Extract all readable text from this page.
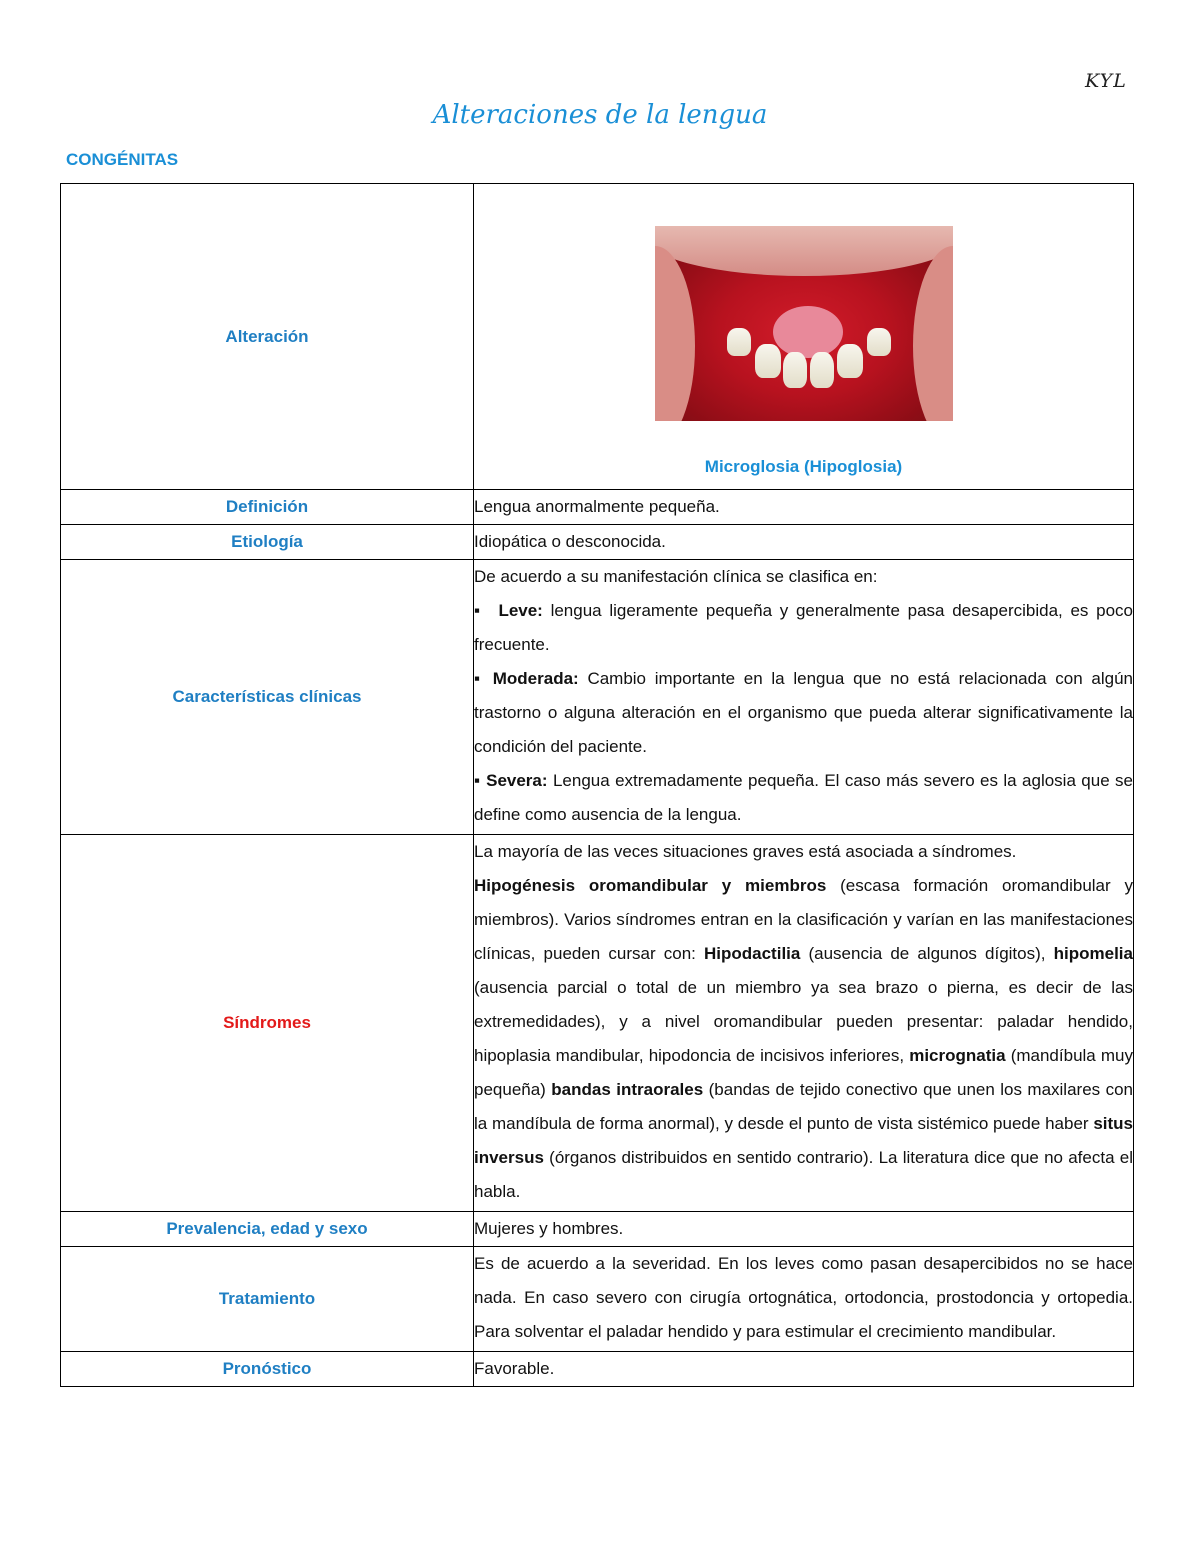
KYL
Alteraciones de la lengua
CONGÉNITAS
Alteración	Microglosia (Hipoglosia)

Definición	Lengua anormalmente pequeña.
Etiología	Idiopática o desconocida.
Características clínicas	De acuerdo a su manifestación clínica se clasifica en:
▪ Leve: lengua ligeramente pequeña y generalmente pasa desapercibida, es poco frecuente.
▪ Moderada: Cambio importante en la lengua que no está relacionada con algún trastorno o alguna alteración en el organismo que pueda alterar significativamente la condición del paciente.
▪ Severa: Lengua extremadamente pequeña. El caso más severo es la aglosia que se define como ausencia de la lengua.

Síndromes	La mayoría de las veces situaciones graves está asociada a síndromes.
Hipogénesis oromandibular y miembros (escasa formación oromandibular y miembros). Varios síndromes entran en la clasificación y varían en las manifestaciones clínicas, pueden cursar con: Hipodactilia (ausencia de algunos dígitos), hipomelia (ausencia parcial o total de un miembro ya sea brazo o pierna, es decir de las extremedidades), y a nivel oromandibular pueden presentar: paladar hendido, hipoplasia mandibular, hipodoncia de incisivos inferiores, micrognatia (mandíbula muy pequeña) bandas intraorales (bandas de tejido conectivo que unen los maxilares con la mandíbula de forma anormal), y desde el punto de vista sistémico puede haber situs inversus (órganos distribuidos en sentido contrario). La literatura dice que no afecta el habla.

Prevalencia, edad y sexo	Mujeres y hombres.
Tratamiento	Es de acuerdo a la severidad. En los leves como pasan desapercibidos no se hace nada. En caso severo con cirugía ortognática, ortodoncia, prostodoncia y ortopedia. Para solventar el paladar hendido y para estimular el crecimiento mandibular.
Pronóstico	Favorable.
